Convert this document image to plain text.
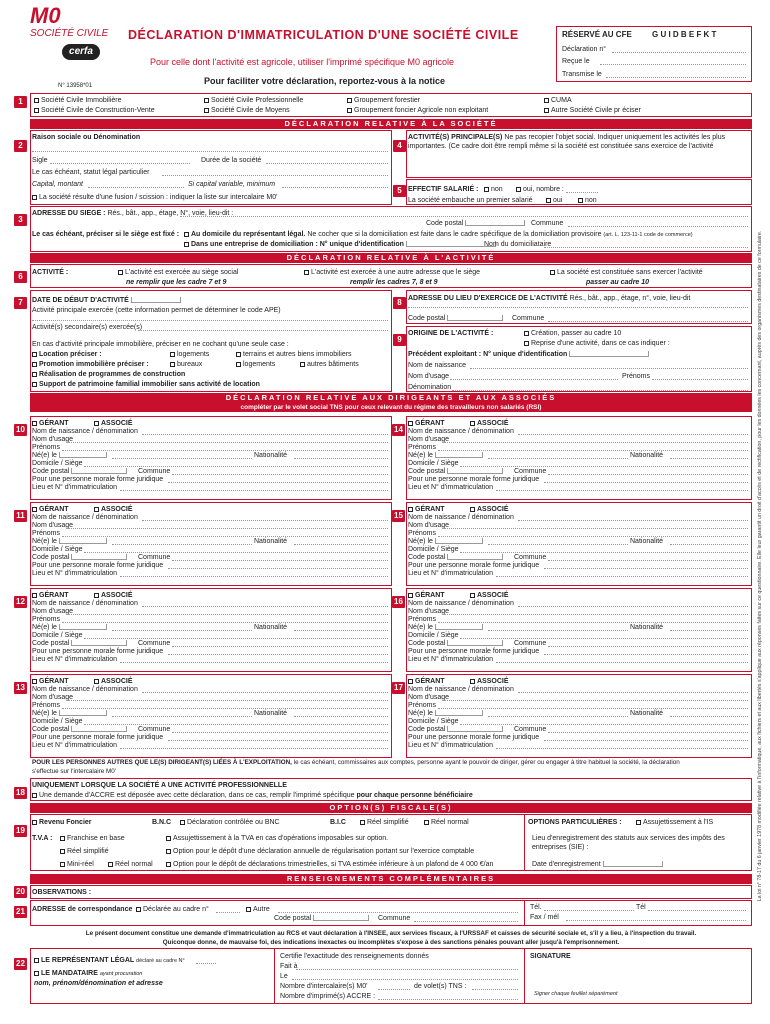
M0
SOCIÉTÉ CIVILE
cerfa
N° 13958*01
DÉCLARATION D'IMMATRICULATION D'UNE SOCIÉTÉ CIVILE
Pour celle dont l'activité est agricole, utiliser l'imprimé spécifique M0 agricole
Pour faciliter votre déclaration, reportez-vous à la notice
RÉSERVÉ AU CFE	G U I D B E F K T
Déclaration n°
Reçue le
Transmise le
1	Société Civile Immobilière
Société Civile de Construction-Vente
Société Civile Professionnelle
Société Civile de Moyens
Groupement forestier
Groupement foncier Agricole non exploitant
CUMA
Autre Société Civile pr éciser
DÉCLARATION RELATIVE À LA SOCIÉTÉ
2
Raison sociale ou Dénomination
Sigle	Durée de la société
Le cas échéant, statut légal particulier
Capital, montant	Si capital variable, minimum
La société résulte d'une fusion / scission : indiquer la liste sur intercalaire M0'
4
ACTIVITÉ(S) PRINCIPALE(S) Ne pas recopier l'objet social. Indiquer uniquement les activités les plus
importantes. (Ce cadre doit être rempli même si la société est constituée sans exercice de l'activité
5 EFFECTIF SALARIÉ :	non	oui, nombre :
La société embauche un premier salarié	oui	non
3
ADRESSE DU SIEGE : Rés., bât., app., étage, N°, voie, lieu-dit :
Code postal	Commune
Le cas échéant, préciser si le siège est fixé :	Au domicile du représentant légal. Ne cocher que si la domiciliation est faite dans le cadre spécifique de la domiciliation provisoire (art. L. 123-11-1 code de commerce)
Dans une entreprise de domiciliation : N° unique d'identification	Nom du domiciliataire
DÉCLARATION RELATIVE À L'ACTIVITÉ
6	ACTIVITÉ :	L'activité est exercée au siège social
ne remplir que les cadre 7 et 9
L'activité est exercée à une autre adresse que le siège
remplir les cadres 7, 8 et 9
La société est constituée sans exercer l'activité
passer au cadre 10
7	DATE DE DÉBUT D'ACTIVITÉ
Activité principale exercée (cette information permet de déterminer le code APE)
Activité(s) secondaire(s) exercée(s)
En cas d'activité principale immobilière, préciser en ne cochant qu'une seule case :
Location préciser :	logements	terrains et autres biens immobiliers
Promotion immobilière préciser :	bureaux	logements	autres bâtiments
Réalisation de programmes de construction
Support de patrimoine familial immobilier sans activité de location
8 ADRESSE DU LIEU D'EXERCICE DE L'ACTIVITÉ Rés., bât., app., étage, n°, voie, lieu-dit
Code postal	Commune
9
ORIGINE DE L'ACTIVITÉ :	Création, passer au cadre 10
Reprise d'une activité, dans ce cas indiquer :
Précédent exploitant : N° unique d'identification
Nom de naissance
Nom d'usage	Prénoms
Dénomination
DÉCLARATION RELATIVE AUX DIRIGEANTS ET AUX ASSOCIÉS
compléter par le volet social TNS pour ceux relevant du régime des travailleurs non salariés (RSI)
10
GÉRANT	ASSOCIÉ
Nom de naissance / dénomination
Nom d'usage
Prénoms
Né(e) le	Nationalité
Domicile / Siège
Code postal	Commune
Pour une personne morale forme juridique
Lieu et N° d'immatriculation
11
GÉRANT	ASSOCIÉ
Nom de naissance / dénomination
Nom d'usage
Prénoms
Né(e) le	Nationalité
Domicile / Siège
Code postal	Commune
Pour une personne morale forme juridique
Lieu et N° d'immatriculation
12
GÉRANT	ASSOCIÉ
Nom de naissance / dénomination
Nom d'usage
Prénoms
Né(e) le	Nationalité
Domicile / Siège
Code postal	Commune
Pour une personne morale forme juridique
Lieu et N° d'immatriculation
13
GÉRANT	ASSOCIÉ
Nom de naissance / dénomination
Nom d'usage
Prénoms
Né(e) le	Nationalité
Domicile / Siège
Code postal	Commune
Pour une personne morale forme juridique
Lieu et N° d'immatriculation
14
GÉRANT	ASSOCIÉ
Nom de naissance / dénomination
Nom d'usage
Prénoms
Né(e) le	Nationalité
Domicile / Siège
Code postal	Commune
Pour une personne morale forme juridique
Lieu et N° d'immatriculation
15
GÉRANT	ASSOCIÉ
Nom de naissance / dénomination
Nom d'usage
Prénoms
Né(e) le	Nationalité
Domicile / Siège
Code postal	Commune
Pour une personne morale forme juridique
Lieu et N° d'immatriculation
16
GÉRANT	ASSOCIÉ
Nom de naissance / dénomination
Nom d'usage
Prénoms
Né(e) le	Nationalité
Domicile / Siège
Code postal	Commune
Pour une personne morale forme juridique
Lieu et N° d'immatriculation
17
GÉRANT	ASSOCIÉ
Nom de naissance / dénomination
Nom d'usage
Prénoms
Né(e) le	Nationalité
Domicile / Siège
Code postal	Commune
Pour une personne morale forme juridique
Lieu et N° d'immatriculation
POUR LES PERSONNES AUTRES QUE LE(S) DIRIGEANT(S) LIÉES À L'EXPLOITATION, le cas échéant, commissaires aux comptes, personne ayant le pouvoir de diriger, gérer ou engager à titre habituel la société, la déclaration
s'effectue sur l'intercalaire M0'
18
UNIQUEMENT LORSQUE LA SOCIÉTÉ A UNE ACTIVITÉ PROFESSIONNELLE
Une demande d'ACCRE est déposée avec cette déclaration, dans ce cas, remplir l'imprimé spécifique pour chaque personne bénéficiaire
OPTION(S) FISCALE(S)
19
Revenu Foncier	B.N.C	Déclaration contrôlée ou BNC	B.I.C	Réel simplifié	Réel normal	OPTIONS PARTICULIÈRES :	Assujettissement à l'IS
T.V.A :	Franchise en base	Assujettissement à la TVA en cas d'opérations imposables sur option.
Réel simplifié	Option pour le dépôt d'une déclaration annuelle de régularisation portant sur l'exercice comptable
Mini-réel	Réel normal	Option pour le dépôt de déclarations trimestrielles, si TVA estimée inférieure à un plafond de 4 000 €/an
Lieu d'enregistrement des statuts aux services des impôts des entreprises (SIE) :
Date d'enregistrement
RENSEIGNEMENTS COMPLÉMENTAIRES
20 OBSERVATIONS :
21 ADRESSE de correspondance	Déclarée au cadre n°	Autre
Code postal	Commune
Tél.	Tél
Fax / mél
Le présent document constitue une demande d'immatriculation au RCS et vaut déclaration à l'INSEE, aux services fiscaux, à l'URSSAF et caisses de sécurité sociale et, s'il y a lieu, à l'inspection du travail.
Quiconque donne, de mauvaise foi, des indications inexactes ou incomplètes s'expose à des sanctions pénales pouvant aller jusqu'à l'emprisonnement.
22	LE REPRÉSENTANT LÉGAL déclaré au cadre N°
LE MANDATAIRE ayant procuration
nom, prénom/dénomination et adresse
Certifie l'exactitude des renseignements donnés
Fait à
Le
Nombre d'intercalaire(s) M0'	de volet(s) TNS :
Nombre d'imprimé(s) ACCRE :
SIGNATURE
Signer chaque feuillet séparément
La loi n° 78-17 du 6 janvier 1978 modifiée relative à l'informatique, aux fichiers et aux libertés s'applique aux réponses faites sur ce questionnaire. Elle leur garantit un droit d'accès et de rectification, pour les données les concernant, auprès des organismes destinataires de ce formulaire.
